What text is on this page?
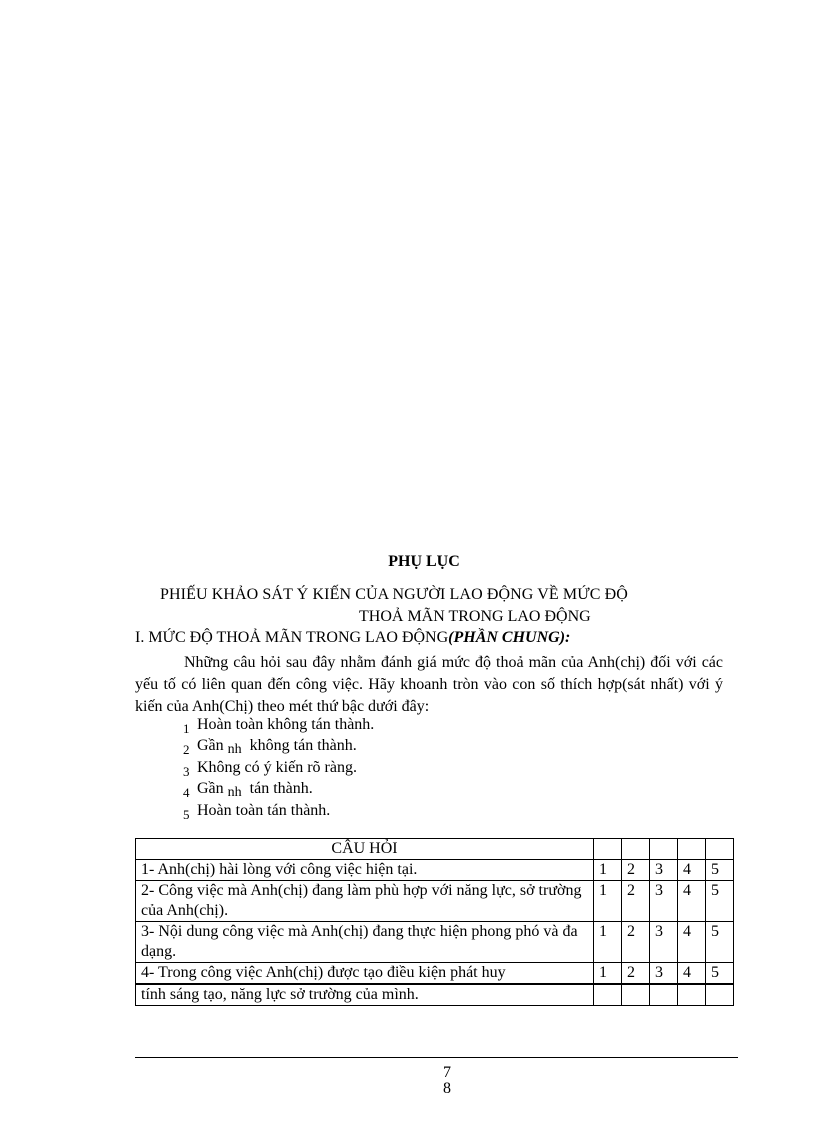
PHỤ LỤC
PHIẾU KHẢO SÁT Ý KIẾN CỦA NGƯỜI LAO ĐỘNG VỀ MỨC ĐỘ
THOẢ MÃN TRONG LAO ĐỘNG
I. MỨC ĐỘ THOẢ MÃN TRONG LAO ĐỘNG(PHẦN CHUNG):
Những câu hỏi sau đây nhằm đánh giá mức độ thoả mãn của Anh(chị) đối với các yếu tố có liên quan đến công việc. Hãy khoanh tròn vào con số thích hợp(sát nhất) với ý kiến của Anh(Chị) theo mét thứ bậc dưới đây:
1 Hoàn toàn không tán thành.
2 Gần nh không tán thành.
3 Không có ý kiến rõ ràng.
4 Gần nh tán thành.
5 Hoàn toàn tán thành.
CÂU HỎI					
1- Anh(chị) hài lòng với công việc hiện tại.	1	2	3	4	5
2- Công việc mà Anh(chị) đang làm phù hợp với năng lực, sở trường của Anh(chị).	1	2	3	4	5
3- Nội dung công việc mà Anh(chị) đang thực hiện phong phó và đa dạng.	1	2	3	4	5
4- Trong công việc Anh(chị) được tạo điều kiện phát huy	1	2	3	4	5
tính sáng tạo, năng lực sở trường của mình.					
7
8
